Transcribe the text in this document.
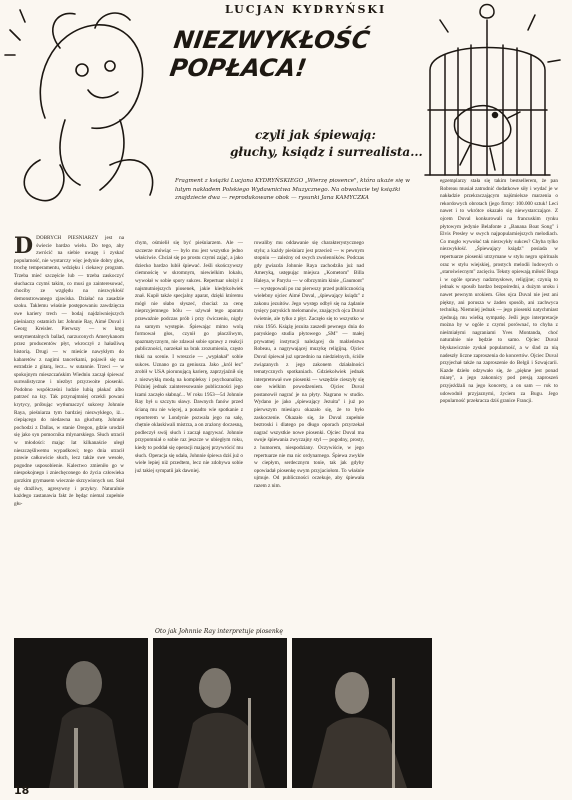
LUCJAN KYDRYŃSKI
NIEZWYKŁOŚĆ POPŁACA!
czyli jak śpiewają:
głuchy, ksiądz i surrealista...
Fragment z książki Lucjana KYDRYŃSKIEGO „Wierzę piosence", która ukaże się w lutym nakładem Polskiego Wydawnictwa Muzycznego. Na obwolucie tej książki znajdziecie dwa — reprodukowane obok — rysunki Jana KAMYCZKA

DDOBRYCH PIEŚNIARZY jest na świecie bardzo wielu. Do tego, aby zwrócić na siebie uwagę i zyskać popularność, nie wystarczy więc jedynie dobry głos, trochę temperamentu, wdzięku i ciekawy program. Trzeba mieć szczęście lub — trzeba zaskoczyć słuchacza czymś takim, co musi go zainteresować, chociby ze względu na niezwykłość demonstrowanego zjawiska. Działać na zasadzie szoku. Taklemu właśnie postępowaniu zawdzięcza swe kariery trech — bodaj najdziwniejszych pieśniarzy ostatnich lat: Johnnie Ray, Aimé Duval i Georg Kreisler. Pierwszy — w kręg sentymentalnych ballad, narzuconych Amerykanom przez producentów płyt, wkroczył z hałaśliwą historią. Drugi — w mieście nawykłym do kabaretów z nagimi tancerkami, pojawił się na estradzie z gitarą, lecz... w sutannie. Trzeci — w spokojnym mieszczańskim Wiedniu zaczął śpiewać surrealistyczne i niezbyt przyzwoite piosenki. Podobno współcześni ludzie lubią płakać albo patrzeć na łzy. Tak przynajmniej orzekli powani krytycy, próbując wytłumaczyć sukcesy Johnnie Raya, pieśniarza tym bardziej niezwykłego, iż... ciepiącego do niedawna na głuchotę. Johnnie pochodzi z Dallas, w stanie Oregon, gdzie urodził się jako syn pomocnika mlynarskiego. Słuch utracił w młodości: mając lat kilkanaście uległ nieszczęśliwemu wypadkowi; tego dnia utracił prawie całkowicie słuch, lecz także swe wesołe, pogodne usposobienie. Kalectwo zmieniło go w niespokojnego i zniechęconego do życia człowieka gorzkim grymasem wiecznie skrzywionych ust. Stał się drażliwy, agresywny i przykry. Naturalnie każdego zastanawia fakt że będąc niemal zupełnie głu-

chym, ośmielił się być pieśniarzem. Ale — szczerze mówiąc — bylo mu jest wszystko jedno właściwie. Chciał się po prostu czymś zająć, a jako dziecko bardzo lubił śpiewać. Jeśli skończywszy ciemnościę w skromnym, niewielkim lokalu, wywołał w sobie spory sukces. Repertuar ułożył z najsmutniejszych piosenek, jakie kiedykolwiek znał. Kupił także specjalny aparat, dzięki któremu mógł nie słabo słyszeć, chociaż za cenę nieprzyjemnego bólu — używał tego aparatu przeważnie podczas prób i przy ćwiczeniu, nigdy na samym występie. Śpiewając mimo wolą formował głos, czynił go płaczliwym, spazmatycznym, nie zdawał sobie sprawy z reakcji publiczności, narzekał na brak zrozumienia, często tłuki na scenie. I wreszcie — „wypłakał" sobie sukces. Uznano go za geniusza. Jako „król łez" zrobił w USA piorunującą karierę, zaprzyjaźnił się z niezwykłą modą na kompleksy i psychoanalizę. Później jednak zainteresowanie publiczności jego łzami zaczęło słabnąć... W roku 1953—54 Johnnie Ray był u szczytu sławy. Dawnych fanów przed ścianą mu nie więcej, a ponadto wie spotkanie z reporterem w Londynie pozwala jego na salę, chętnie oklaskiwali mistrza, a on zrażony doczesną, podleczył swój słuch i zaczął nagrywać. Johnnie przypomniał o sobie raz jeszcze w ubiegłym roku, kiedy to poddał się operacji mającej przywrócić mu słuch. Operacja się udała, Johnnie śpiewa dziś już o wiele lepiej niż przedtem, lecz nie zdobywa sobie już takiej sympatii jak dawniej.
rowaliby mu oddawanie się charakterystycznego stylu; a każdy pieśniarz jest przecież — w pewnym stopniu — zależny od swych zwolenników. Podczas gdy gwiazda Johnnie Raya zachodziła już nad Ameryką, ustępując miejsca „Kometom" Billa Haleya, w Paryżu — w olbrzymim kinie „Gaumont" — występowali po raz pierwszy przed publicznością wielebny ojciec Aimé Duval, „śpiewający ksiądz" z zakonu jezuitów. Jego występ odbył się na żądanie tysięcy paryskich melomanów, znających ojca Duval świetnie, ale tylko z płyt. Zaczęło się to wszystko w roku 1956. Książę jezuita zaszedł pewnego dnia do paryskiego studia płytowego „SM" — małej prywatnej instytucji należącej do małżeństwa Robeau, a nagrywającej muzykę religijną. Ojciec Duval śpiewał już uprzednio na niedzielnych, ściśle związanych z jego zakonem działalności tematycznych spotkaniach. Gdziekolwiek jednak interpretował swe piosenki — wszędzie cieszyły się one wielkim powodzeniem. Ojciec Duval postanowił nagrać je na płyty. Nagrano w studio. Wydano je jako „śpiewający Jezuita" i już po pierwszym miesiącu okazało się, że to było zaskoczenie. Okazało się, że Duval zupełnie beztroski i dlatego po długo oporach przyrzekał nagrać wszystkie nowe piosenki. Ojciec Duval ma swoje śpiewania zwyczajny styl — pogodny, prosty, z humorem, niespodziany. Oczywiście, w jego repertuarze nie ma nic ordynarnego. Śpiewa zwykle w ciepłym, serdecznym tonie, tak jak gdyby opowiadał piosenkę swym przyjaciołom. To właśnie ujmuje. Od publiczności oczekuje, aby śpiewała razem z nim.
egzemplarzy stała się takim bestsellerem, że pan Robreau musiał zatrudnić dodatkowe siły i wydać je w nakładzie przekraczającym najśmielsze marzenia o rekordowych obrotach (jego firmy: 100.000 sztuk! Leci nawet i to wkrótce okazało się niewystarczające. Z ojcem Duval konkurowali na francuskim rynku płytowym jedynie Belafonte z „Banana Boat Song" i Elvis Presley w swych najpopularniejszych melodiach. Co mogło wywołać tak niezwykły sukces? Chyba tylko niezwykłość. „Śpiewający ksiądz" posiada w repertuarze piosenki utrzymane w stylu negro spirituals oraz w stylu wiejskiej, prostych melodii ludowych o „staroświecnym" zacięciu. Teksty opiewają miłość Boga i w ogóle sprawy nadzmysłowe, religijne; czynią to jednak w sposób bardzo bezpośredni, a dużym uroku i nawet pewnym urokiem. Głos ojca Duval nie jest ani piękny, ani porusza w żaden sposób, ani zachwyca techniką. Niemniej jednak — jego piosenki natychmiast zjednują mu wielką sympatię. Jeśli jego interpretacje można by w ogóle z czymś porównać, to chyba z nieśmiałymi nagraniami Yves Montanda, choć naturalnie nie będzie to samo. Ojciec Duval błyskawicznie zyskał popularność, a w ślad za nią nadeszły liczne zaproszenia do koncertów. Ojciec Duval przyjechał także na zaproszenie do Belgii i Szwajcarii. Kazde dzieło odzywało się, że „piękne jest ponad miarę", a jego zakonnicy pod presją zaproszeń przyjeżdżali na jego koncerty, a on sam — rok to udowodnił przyjaznymi, życiem za Bugu. Jego popularność przekracza dziś granice Francji.
Oto jak Johnnie Ray interpretuje piosenkę
18
